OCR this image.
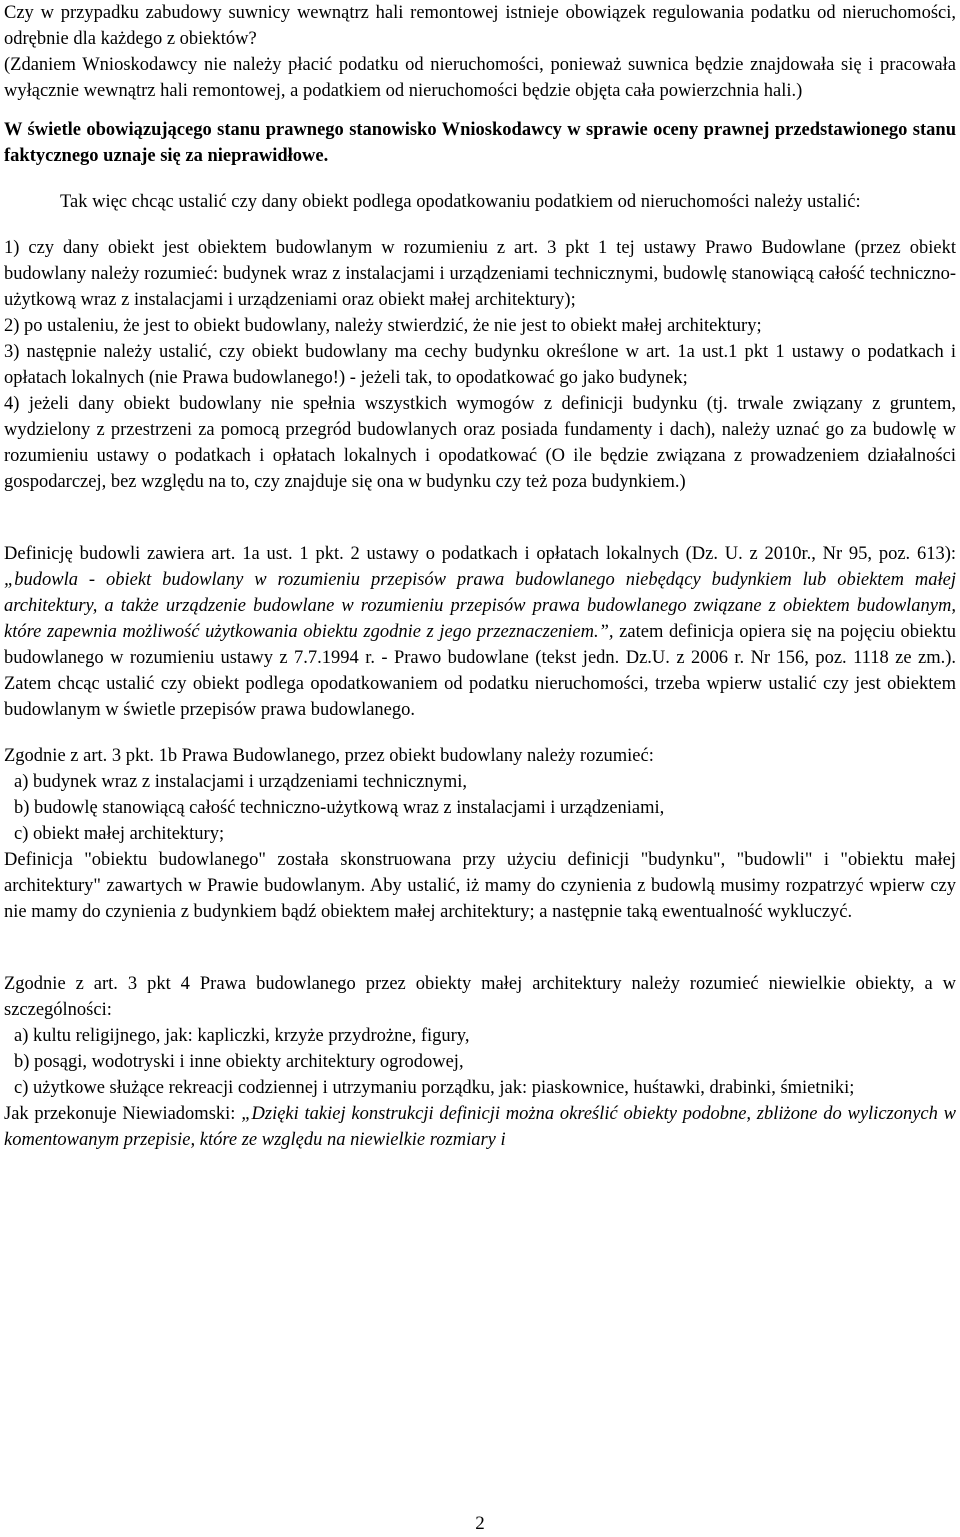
Czy w przypadku zabudowy suwnicy wewnątrz hali remontowej istnieje obowiązek regulowania podatku od nieruchomości, odrębnie dla każdego z obiektów?

(Zdaniem Wnioskodawcy nie należy płacić podatku od nieruchomości, ponieważ suwnica będzie znajdowała się i pracowała wyłącznie wewnątrz hali remontowej, a podatkiem od nieruchomości będzie objęta cała powierzchnia hali.)

W świetle obowiązującego stanu prawnego stanowisko Wnioskodawcy w sprawie oceny prawnej przedstawionego stanu faktycznego uznaje się za nieprawidłowe.

Tak więc chcąc ustalić czy dany obiekt podlega opodatkowaniu podatkiem od nieruchomości należy ustalić:

1) czy dany obiekt jest obiektem budowlanym w rozumieniu z art. 3 pkt 1 tej ustawy Prawo Budowlane (przez obiekt budowlany należy rozumieć: budynek wraz z instalacjami i urządzeniami technicznymi, budowlę stanowiącą całość techniczno-użytkową wraz z instalacjami i urządzeniami oraz obiekt małej architektury);

2) po ustaleniu, że jest to obiekt budowlany, należy stwierdzić, że nie jest to obiekt małej architektury;

3) następnie należy ustalić, czy obiekt budowlany ma cechy budynku określone w art. 1a ust.1 pkt 1 ustawy o podatkach i opłatach lokalnych (nie Prawa budowlanego!) - jeżeli tak, to opodatkować go jako budynek;

4) jeżeli dany obiekt budowlany nie spełnia wszystkich wymogów z definicji budynku (tj. trwale związany z gruntem, wydzielony z przestrzeni za pomocą przegród budowlanych oraz posiada fundamenty i dach), należy uznać go za budowlę w rozumieniu ustawy o podatkach i opłatach lokalnych i opodatkować (O ile będzie związana z prowadzeniem działalności gospodarczej, bez względu na to, czy znajduje się ona w budynku czy też poza budynkiem.)

Definicję budowli zawiera art. 1a ust. 1 pkt. 2 ustawy o podatkach i opłatach lokalnych (Dz. U. z 2010r., Nr 95, poz. 613): „budowla - obiekt budowlany w rozumieniu przepisów prawa budowlanego niebędący budynkiem lub obiektem małej architektury, a także urządzenie budowlane w rozumieniu przepisów prawa budowlanego związane z obiektem budowlanym, które zapewnia możliwość użytkowania obiektu zgodnie z jego przeznaczeniem.”, zatem definicja opiera się na pojęciu obiektu budowlanego w rozumieniu ustawy z 7.7.1994 r. - Prawo budowlane (tekst jedn. Dz.U. z 2006 r. Nr 156, poz. 1118 ze zm.). Zatem chcąc ustalić czy obiekt podlega opodatkowaniem od podatku nieruchomości, trzeba wpierw ustalić czy jest obiektem budowlanym w świetle przepisów prawa budowlanego.

Zgodnie z art. 3 pkt. 1b Prawa Budowlanego, przez obiekt budowlany należy rozumieć:

a) budynek wraz z instalacjami i urządzeniami technicznymi,

b) budowlę stanowiącą całość techniczno-użytkową wraz z instalacjami i urządzeniami,

c) obiekt małej architektury;

Definicja "obiektu budowlanego" została skonstruowana przy użyciu definicji "budynku", "budowli" i "obiektu małej architektury" zawartych w Prawie budowlanym. Aby ustalić, iż mamy do czynienia z budowlą musimy rozpatrzyć wpierw czy nie mamy do czynienia z budynkiem bądź obiektem małej architektury; a następnie taką ewentualność wykluczyć.

Zgodnie z art. 3 pkt 4 Prawa budowlanego przez obiekty małej architektury należy rozumieć niewielkie obiekty, a w szczególności:

a) kultu religijnego, jak: kapliczki, krzyże przydrożne, figury,

b) posągi, wodotryski i inne obiekty architektury ogrodowej,

c) użytkowe służące rekreacji codziennej i utrzymaniu porządku, jak: piaskownice, huśtawki, drabinki, śmietniki;

Jak przekonuje Niewiadomski: „Dzięki takiej konstrukcji definicji można określić obiekty podobne, zbliżone do wyliczonych w komentowanym przepisie, które ze względu na niewielkie rozmiary i

2
